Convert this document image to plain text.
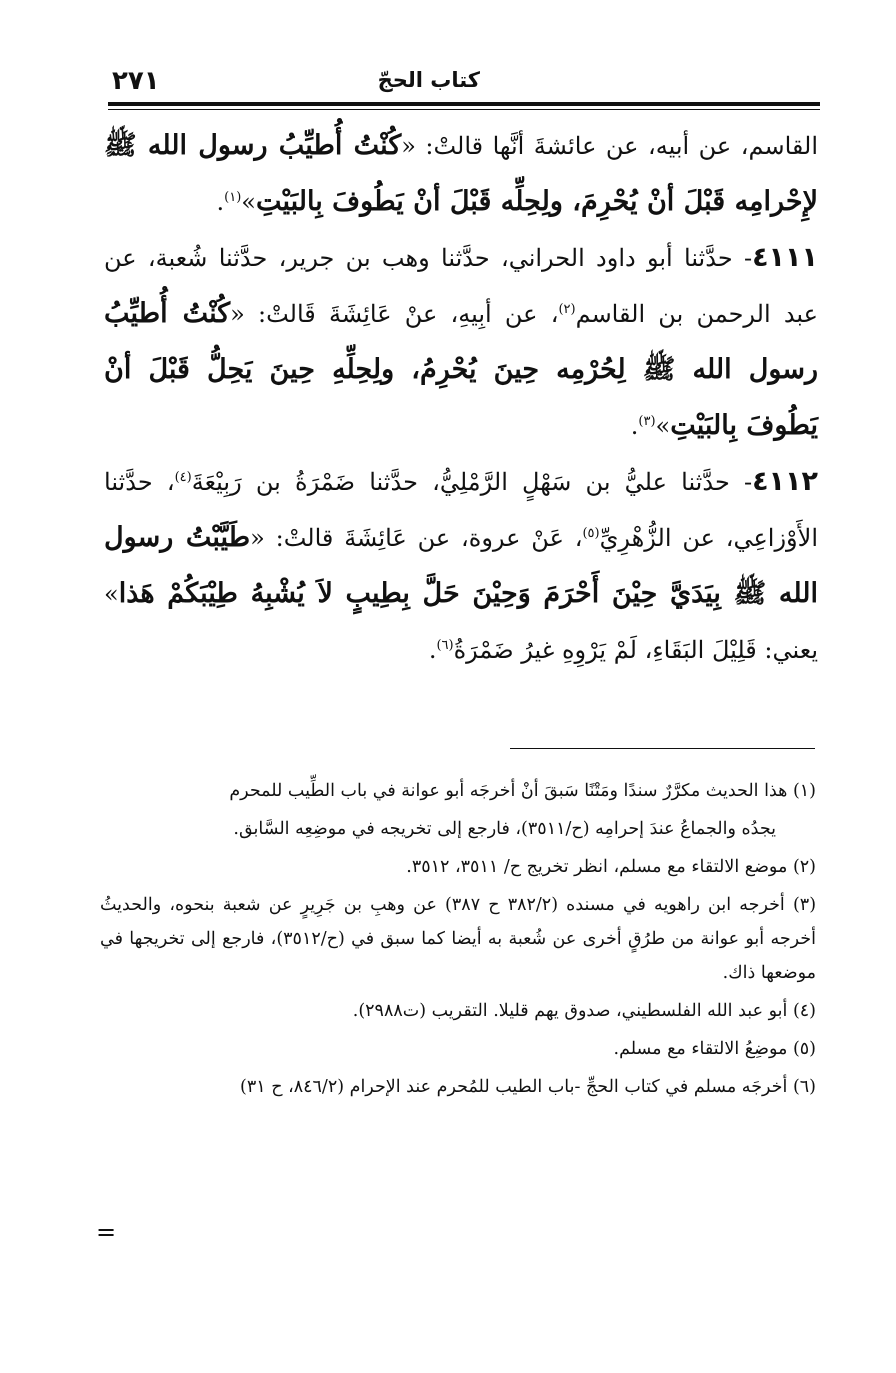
كتاب الحجّ
٢٧١

القاسم، عن أبيه، عن عائشةَ أنَّها قالتْ: «كُنْتُ أُطيِّبُ رسول الله ﷺ لإِحْرامِه قَبْلَ أنْ يُحْرِمَ، ولِحِلِّه قَبْلَ أنْ يَطُوفَ بِالبَيْتِ»$^{(١)}$.

٤١١١- حدَّثنا أبو داود الحراني، حدَّثنا وهب بن جرير، حدَّثنا شُعبة، عن عبد الرحمن بن القاسم$^{(٢)}$، عن أبِيهِ، عنْ عَائِشَةَ قَالتْ: «كُنْتُ أُطيِّبُ رسول الله ﷺ لِحُرْمِه حِينَ يُحْرِمُ، ولِحِلِّهِ حِينَ يَحِلُّ قَبْلَ أنْ يَطُوفَ بِالبَيْتِ»$^{(٣)}$.

٤١١٢- حدَّثنا عليُّ بن سَهْلٍ الرَّمْلِيُّ، حدَّثنا ضَمْرَةُ بن رَبِيْعَةَ$^{(٤)}$، حدَّثنا الأَوْزاعِي، عن الزُّهْرِيِّ$^{(٥)}$، عَنْ عروة، عن عَائِشَةَ قالتْ: «طَيَّبْتُ رسول الله ﷺ بِيَدَيَّ حِيْنَ أَحْرَمَ وَحِيْنَ حَلَّ بِطِيبٍ لاَ يُشْبِهُ طِيْبَكُمْ هَذا» يعني: قَلِيْلَ البَقَاءِ، لَمْ يَرْوِهِ غيرُ ضَمْرَةُ$^{(٦)}$.

(١) هذا الحديث مكرَّرٌ سندًا ومَتْنًا سَبقَ أنْ أخرجَه أبو عوانة في باب الطِّيب للمحرم

يجدُه والجماعُ عندَ إحرامِه (ح/٣٥١١)، فارجع إلى تخريجه في موضِعِه السَّابق.

(٢) موضع الالتقاء مع مسلم، انظر تخريج ح/ ٣٥١١، ٣٥١٢.

(٣) أخرجه ابن راهويه في مسنده (٣٨٢/٢ ح ٣٨٧) عن وهبِ بن جَرِيرٍ عن شعبة بنحوه، والحديثُ أخرجه أبو عوانة من طرُقٍ أخرى عن شُعبة به أيضا كما سبق في (ح/٣٥١٢)، فارجع إلى تخريجها في موضعها ذاك.

(٤) أبو عبد الله الفلسطيني، صدوق يهم قليلا. التقريب (ت٢٩٨٨).

(٥) موضِعُ الالتقاء مع مسلم.

(٦) أخرجَه مسلم في كتاب الحجِّ -باب الطيب للمُحرم عند الإحرام (٨٤٦/٢، ح ٣١)

=
